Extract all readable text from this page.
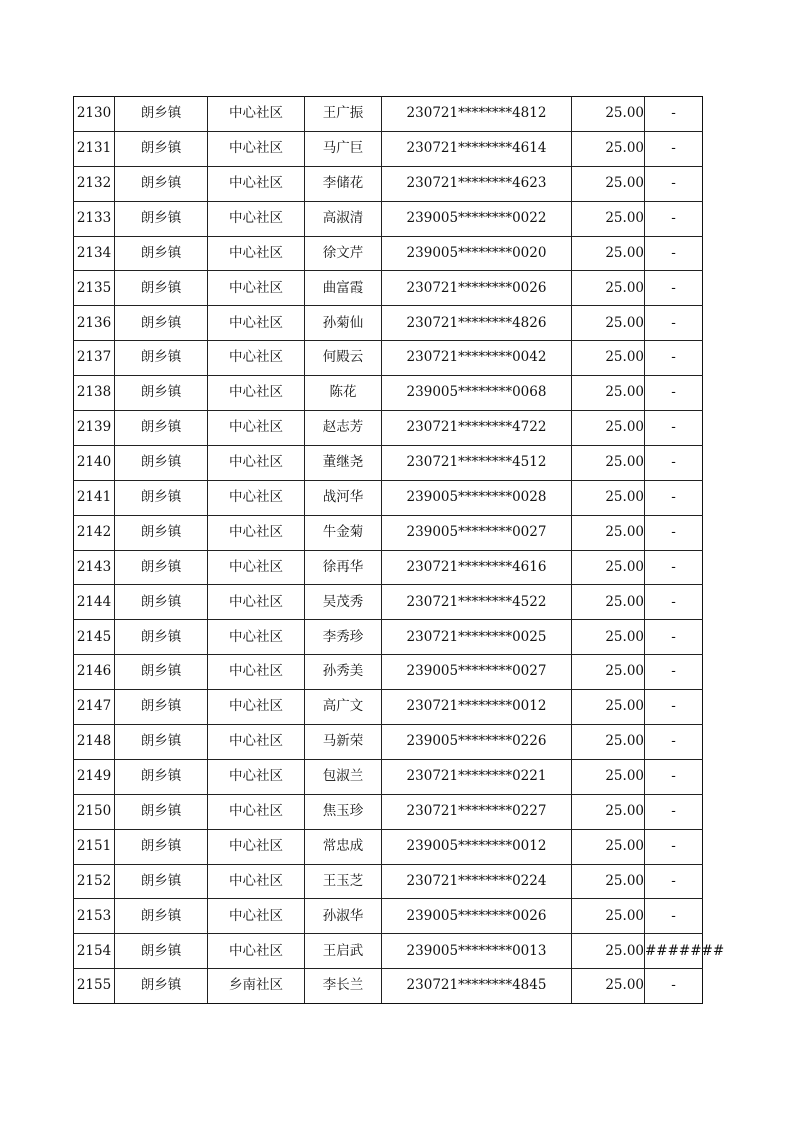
2130	朗乡镇	中心社区	王广振	230721********4812	25.00	-
2131	朗乡镇	中心社区	马广巨	230721********4614	25.00	-
2132	朗乡镇	中心社区	李储花	230721********4623	25.00	-
2133	朗乡镇	中心社区	高淑清	239005********0022	25.00	-
2134	朗乡镇	中心社区	徐文芹	239005********0020	25.00	-
2135	朗乡镇	中心社区	曲富霞	230721********0026	25.00	-
2136	朗乡镇	中心社区	孙菊仙	230721********4826	25.00	-
2137	朗乡镇	中心社区	何殿云	230721********0042	25.00	-
2138	朗乡镇	中心社区	陈花	239005********0068	25.00	-
2139	朗乡镇	中心社区	赵志芳	230721********4722	25.00	-
2140	朗乡镇	中心社区	董继尧	230721********4512	25.00	-
2141	朗乡镇	中心社区	战河华	239005********0028	25.00	-
2142	朗乡镇	中心社区	牛金菊	239005********0027	25.00	-
2143	朗乡镇	中心社区	徐再华	230721********4616	25.00	-
2144	朗乡镇	中心社区	吴茂秀	230721********4522	25.00	-
2145	朗乡镇	中心社区	李秀珍	230721********0025	25.00	-
2146	朗乡镇	中心社区	孙秀美	239005********0027	25.00	-
2147	朗乡镇	中心社区	高广文	230721********0012	25.00	-
2148	朗乡镇	中心社区	马新荣	239005********0226	25.00	-
2149	朗乡镇	中心社区	包淑兰	230721********0221	25.00	-
2150	朗乡镇	中心社区	焦玉珍	230721********0227	25.00	-
2151	朗乡镇	中心社区	常忠成	239005********0012	25.00	-
2152	朗乡镇	中心社区	王玉芝	230721********0224	25.00	-
2153	朗乡镇	中心社区	孙淑华	239005********0026	25.00	-
2154	朗乡镇	中心社区	王启武	239005********0013	25.00	#######
2155	朗乡镇	乡南社区	李长兰	230721********4845	25.00	-
